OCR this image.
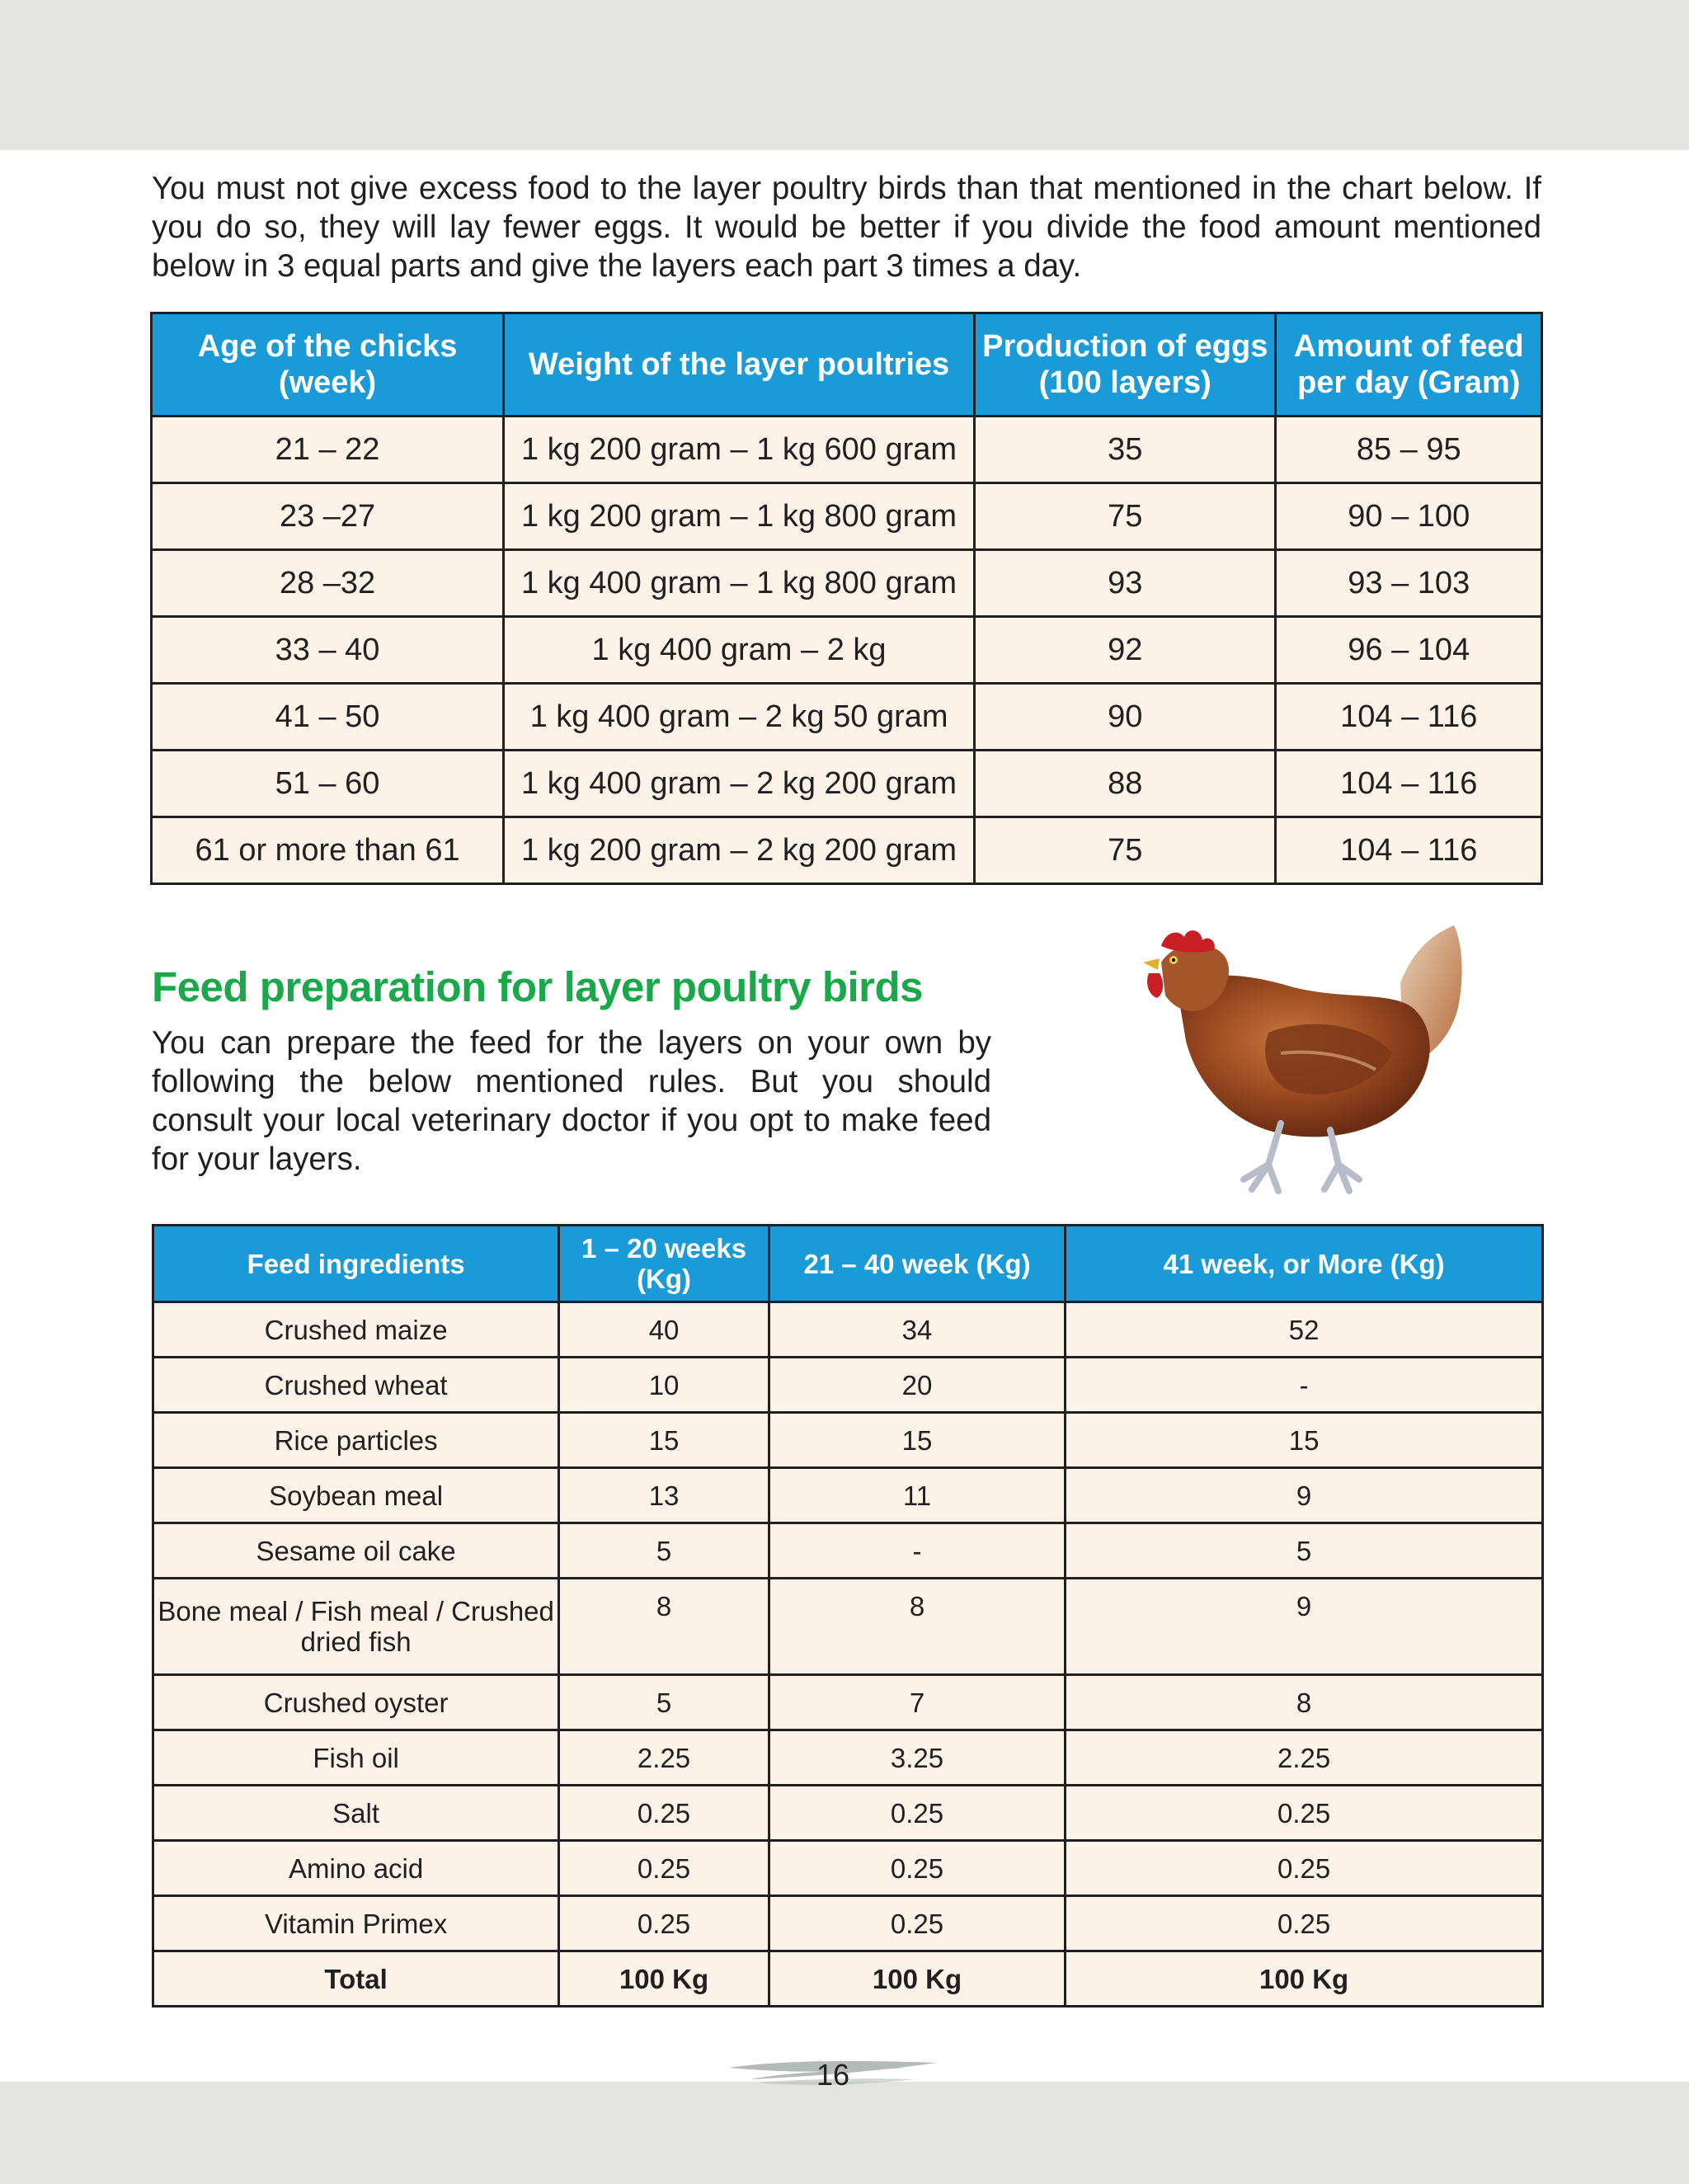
You must not give excess food to the layer poultry birds than that mentioned in the chart below. If you do so, they will lay fewer eggs. It would be better if you divide the food amount mentioned below in 3 equal parts and give the layers each part 3 times a day.

Age of the chicks (week)	Weight of the layer poultries	Production of eggs (100 layers)	Amount of feed per day (Gram)
21 – 22	1 kg 200 gram – 1 kg 600 gram	35	85 – 95
23 –27	1 kg 200 gram – 1 kg 800 gram	75	90 – 100
28 –32	1 kg 400 gram – 1 kg 800 gram	93	93 – 103
33 – 40	1 kg 400 gram – 2 kg	92	96 – 104
41 – 50	1 kg 400 gram – 2 kg 50 gram	90	104 – 116
51 – 60	1 kg 400 gram – 2 kg 200 gram	88	104 – 116
61 or more than 61	1 kg 200 gram – 2 kg 200 gram	75	104 – 116
Feed preparation for layer poultry birds

You can prepare the feed for the layers on your own by following the below mentioned rules. But you should consult your local veterinary doctor if you opt to make feed for your layers.

Feed ingredients	1 – 20 weeks (Kg)	21 – 40 week (Kg)	41 week, or More (Kg)
Crushed maize	40	34	52
Crushed wheat	10	20	-
Rice particles	15	15	15
Soybean meal	13	11	9
Sesame oil cake	5	-	5
Bone meal / Fish meal / Crushed dried fish	8	8	9
Crushed oyster	5	7	8
Fish oil	2.25	3.25	2.25
Salt	0.25	0.25	0.25
Amino acid	0.25	0.25	0.25
Vitamin Primex	0.25	0.25	0.25
Total	100 Kg	100 Kg	100 Kg
16
